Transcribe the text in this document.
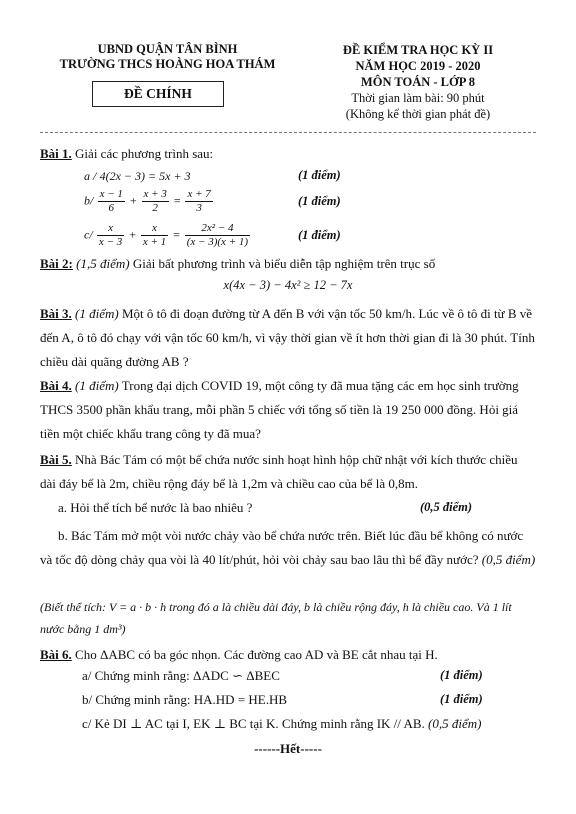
UBND QUẬN TÂN BÌNH
TRƯỜNG THCS HOÀNG HOA THÁM
ĐỀ CHÍNH
ĐỀ KIỂM TRA HỌC KỲ II
NĂM HỌC 2019 - 2020
MÔN TOÁN - LỚP 8
Thời gian làm bài: 90 phút
(Không kể thời gian phát đề)
Bài 1. Giải các phương trình sau:
a / 4(2x − 3) = 5x + 3	(1 điểm)
$b/ \frac{x - 1}{6} + \frac{x + 3}{2} = \frac{x + 7}{3}$	(1 điểm)
$c/ \frac{x}{x - 3} + \frac{x}{x + 1} = \frac{\text{2x² − 4}}{(x - 3)(x + 1)}$	(1 điểm)
Bài 2: (1,5 điểm) Giải bất phương trình và biểu diễn tập nghiệm trên trục số
x(4x − 3) − 4x² ≥ 12 − 7x
Bài 3. (1 điểm) Một ô tô đi đoạn đường từ A đến B với vận tốc 50 km/h. Lúc về ô tô đi từ B về đến A, ô tô đó chạy với vận tốc 60 km/h, vì vậy thời gian về ít hơn thời gian đi là 30 phút. Tính chiều dài quãng đường AB ?
Bài 4. (1 điểm) Trong đại dịch COVID 19, một công ty đã mua tặng các em học sinh trường THCS 3500 phần khẩu trang, mỗi phần 5 chiếc với tổng số tiền là 19 250 000 đồng. Hỏi giá tiền một chiếc khẩu trang công ty đã mua?
Bài 5. Nhà Bác Tám có một bể chứa nước sinh hoạt hình hộp chữ nhật với kích thước chiều dài đáy bể là 2m, chiều rộng đáy bể là 1,2m và chiều cao của bể là 0,8m.
a. Hỏi thể tích bể nước là bao nhiêu ?	(0,5 điểm)
b. Bác Tám mở một vòi nước chảy vào bể chứa nước trên. Biết lúc đầu bể không có nước và tốc độ dòng chảy qua vòi là 40 lít/phút, hỏi vòi chảy sau bao lâu thì bể đầy nước? (0,5 điểm)
(Biết thể tích: V = a · b · h trong đó a là chiều dài đáy, b là chiều rộng đáy, h là chiều cao. Và 1 lít nước bằng 1 dm³)
Bài 6. Cho ΔABC có ba góc nhọn. Các đường cao AD và BE cắt nhau tại H.
a/ Chứng minh rằng: ΔADC ∽ ΔBEC	(1 điểm)
b/ Chứng minh rằng: HA.HD = HE.HB	(1 điểm)
c/ Kẻ DI ⊥ AC tại I, EK ⊥ BC tại K. Chứng minh rằng IK // AB. (0,5 điểm)
------Hết-----
